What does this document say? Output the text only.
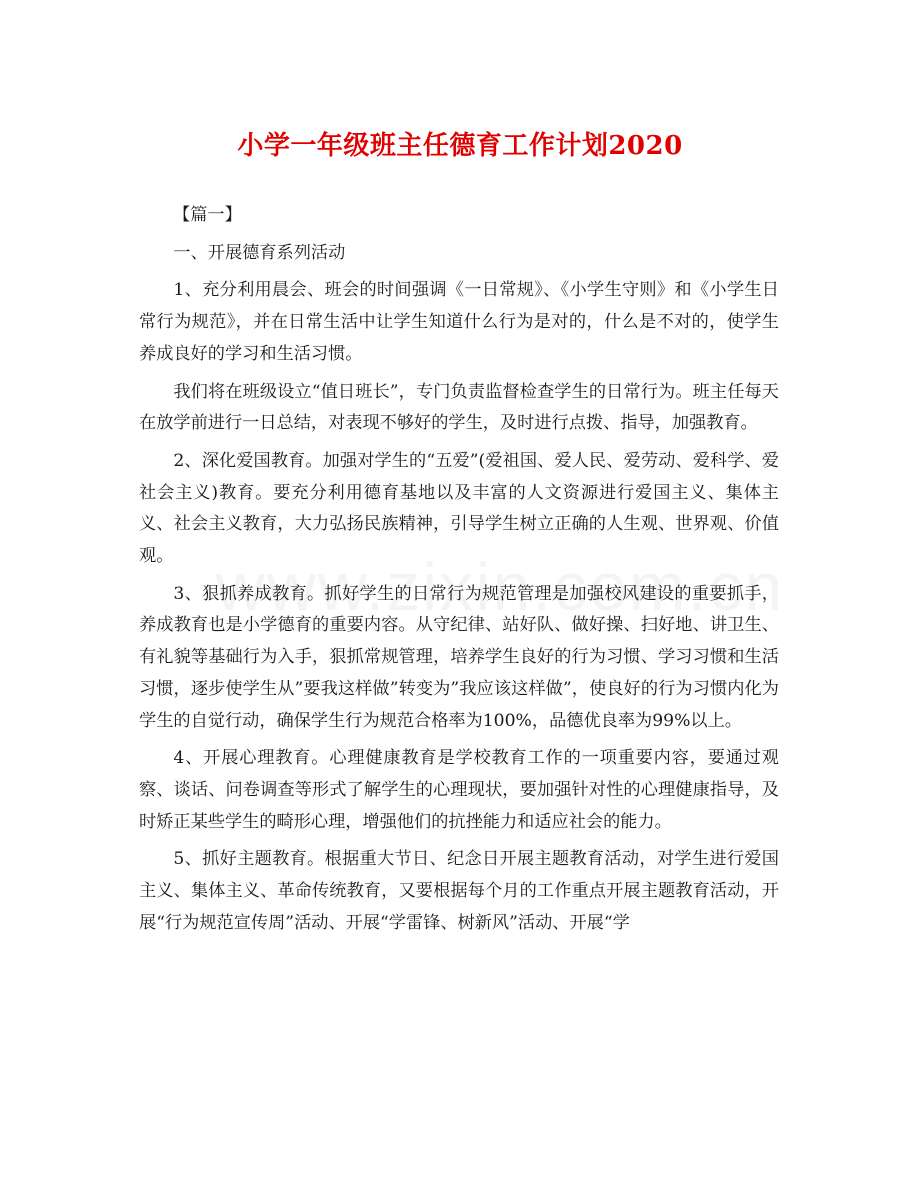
小学一年级班主任德育工作计划2020

【篇一】

一、开展德育系列活动

1、充分利用晨会、班会的时间强调《一日常规》、《小学生守则》和《小学生日常行为规范》，并在日常生活中让学生知道什么行为是对的，什么是不对的，使学生养成良好的学习和生活习惯。

我们将在班级设立“值日班长”，专门负责监督检查学生的日常行为。班主任每天在放学前进行一日总结，对表现不够好的学生，及时进行点拨、指导，加强教育。

2、深化爱国教育。加强对学生的“五爱”(爱祖国、爱人民、爱劳动、爱科学、爱社会主义)教育。要充分利用德育基地以及丰富的人文资源进行爱国主义、集体主义、社会主义教育，大力弘扬民族精神，引导学生树立正确的人生观、世界观、价值观。

3、狠抓养成教育。抓好学生的日常行为规范管理是加强校风建设的重要抓手，养成教育也是小学德育的重要内容。从守纪律、站好队、做好操、扫好地、讲卫生、有礼貌等基础行为入手，狠抓常规管理，培养学生良好的行为习惯、学习习惯和生活习惯，逐步使学生从”要我这样做”转变为”我应该这样做”，使良好的行为习惯内化为学生的自觉行动，确保学生行为规范合格率为100%，品德优良率为99%以上。

4、开展心理教育。心理健康教育是学校教育工作的一项重要内容，要通过观察、谈话、问卷调查等形式了解学生的心理现状，要加强针对性的心理健康指导，及时矫正某些学生的畸形心理，增强他们的抗挫能力和适应社会的能力。

5、抓好主题教育。根据重大节日、纪念日开展主题教育活动，对学生进行爱国主义、集体主义、革命传统教育，又要根据每个月的工作重点开展主题教育活动，开展“行为规范宣传周”活动、开展“学雷锋、树新风”活动、开展“学
